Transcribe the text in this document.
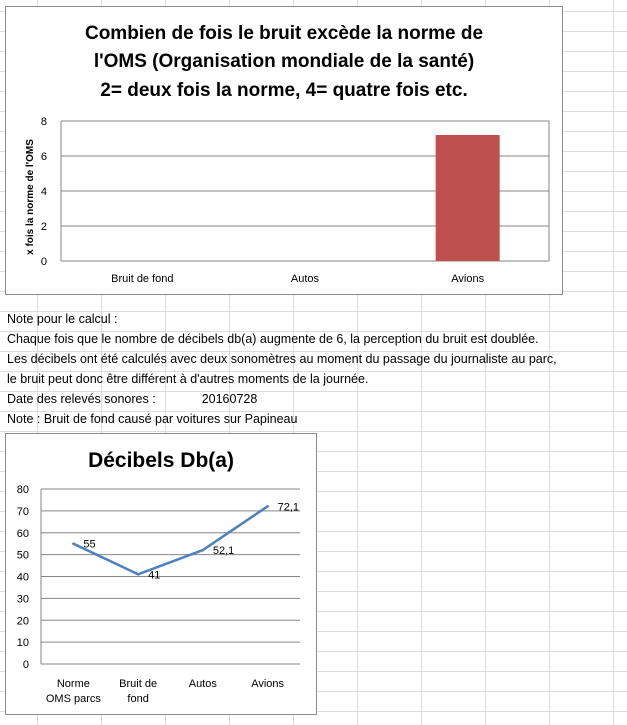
Combien de fois le bruit excède la norme de
l'OMS (Organisation mondiale de la santé)
2= deux fois la norme, 4= quatre fois etc.
x fois la norme de l'OMS
0
2
4
6
8
Bruit de fond	Autos	Avions
Note pour le calcul :
Chaque fois que le nombre de décibels db(a) augmente de 6, la perception du bruit est doublée.
Les décibels ont été calculés avec deux sonomètres au moment du passage du journaliste au parc,
le bruit peut donc être différent à d'autres moments de la journée.
Date des relevés sonores :	20160728
Note : Bruit de fond causé par voitures sur Papineau
Décibels Db(a)
0
10
20
30
40
50
60
70
80
55
41
52,1
72,1
Norme
OMS parcs
Bruit de
fond
Autos	Avions
